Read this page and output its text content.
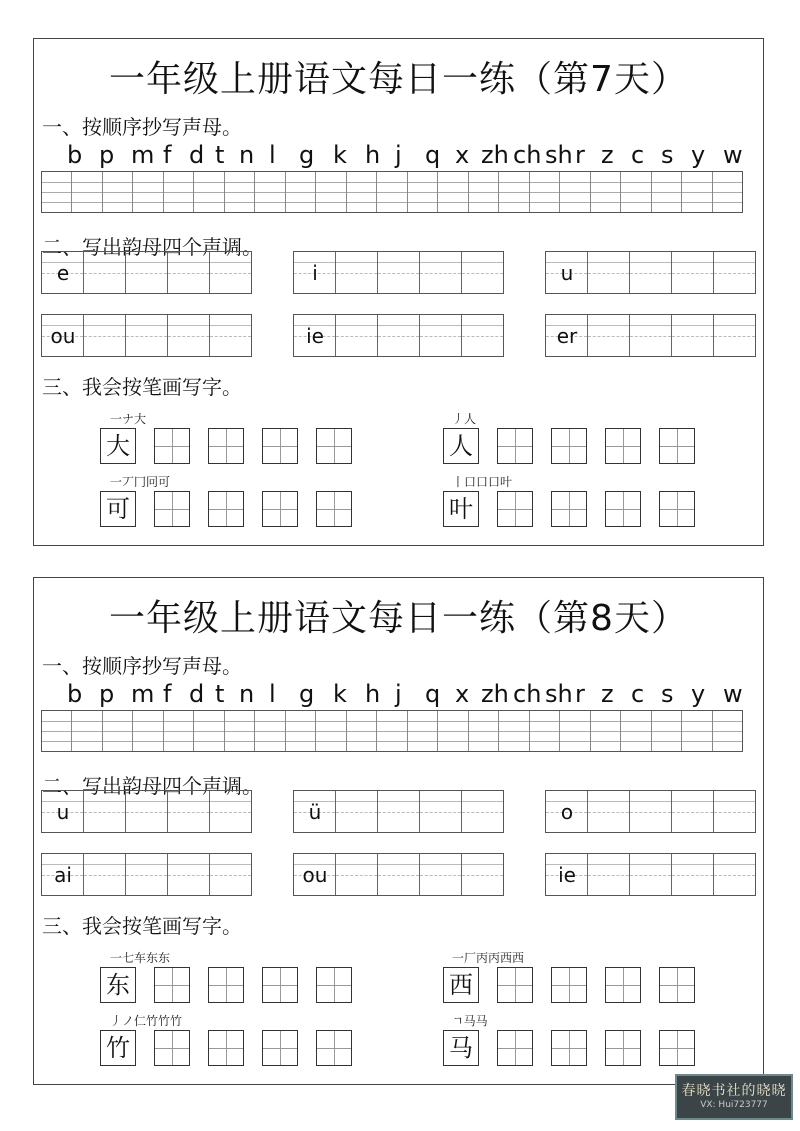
一年级上册语文每日一练（第7天）
一、按顺序抄写声母。
b p m f d t n l g k h j q x zh ch sh r z c s y w
二、写出韵母四个声调。
e	i	u
ou	ie	er
三、我会按笔画写字。
一ナ大
大
丿人
人
一丆冂冋可
可
丨口口口叶
叶
一年级上册语文每日一练（第8天）
一、按顺序抄写声母。
b p m f d t n l g k h j q x zh ch sh r z c s y w
二、写出韵母四个声调。
u	ü	o
ai	ou	ie
三、我会按笔画写字。
一七车东东
东
一厂丙丙西西
西
丿ノ仁竹竹竹
竹
ㄱ马马
马
春晓书社的晓晓
VX: Hui723777
